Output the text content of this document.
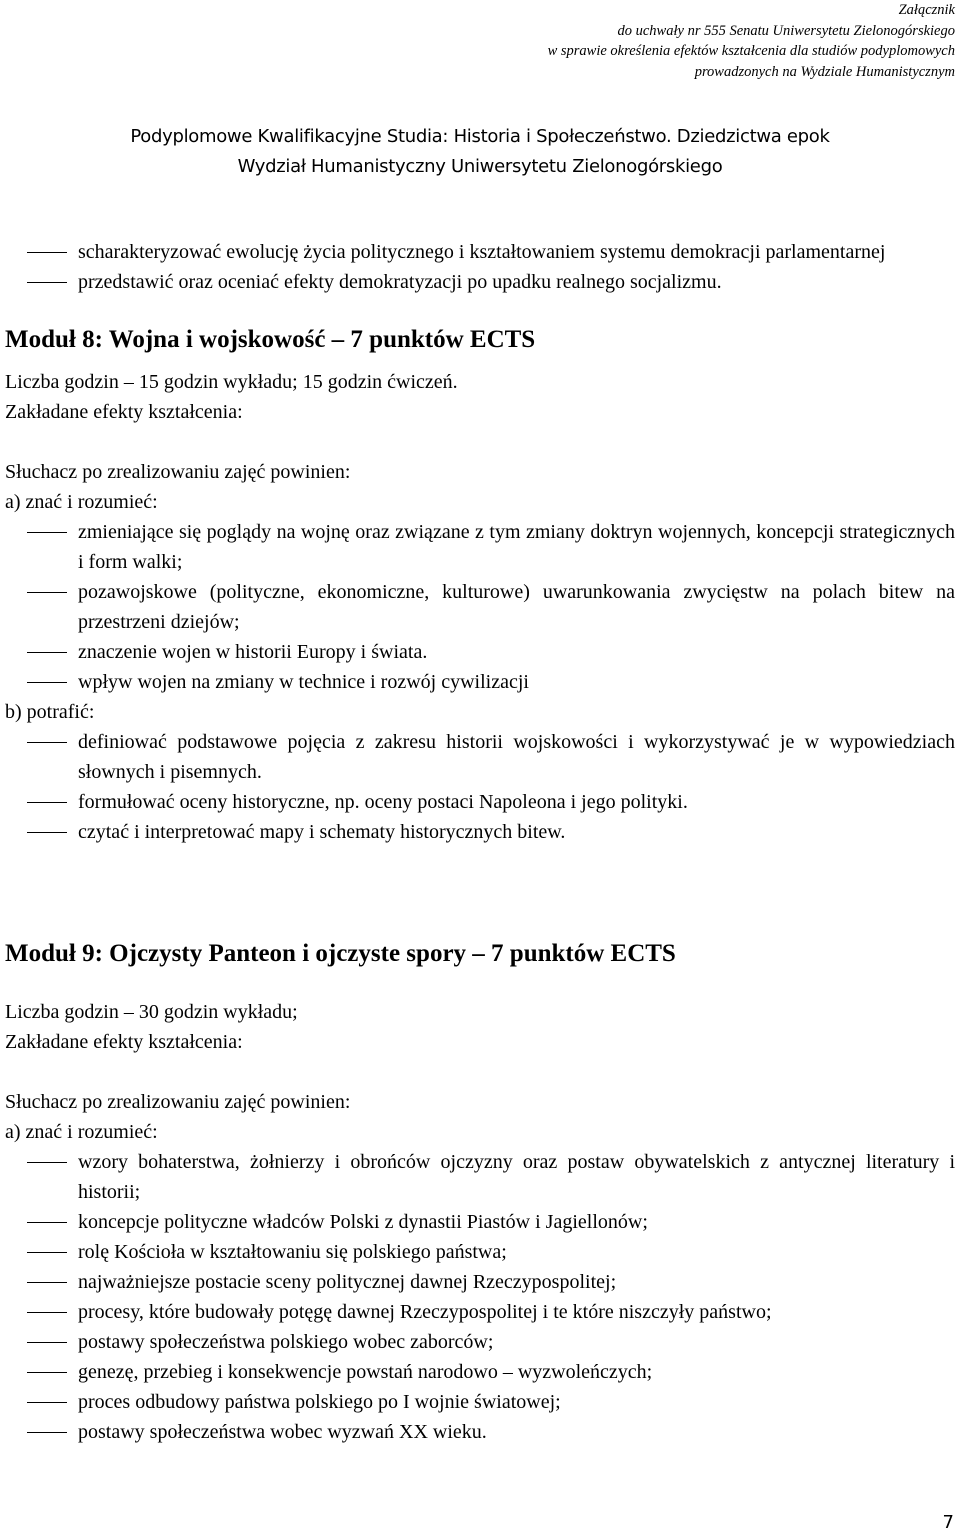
Załącznik
do uchwały nr 555 Senatu Uniwersytetu Zielonogórskiego
w sprawie określenia efektów kształcenia dla studiów podyplomowych
prowadzonych na Wydziale Humanistycznym
Podyplomowe Kwalifikacyjne Studia: Historia i Społeczeństwo. Dziedzictwa epok
Wydział Humanistyczny Uniwersytetu Zielonogórskiego
scharakteryzować ewolucję życia politycznego i kształtowaniem systemu demokracji parlamentarnej
przedstawić oraz oceniać efekty demokratyzacji po upadku realnego socjalizmu.
Moduł 8: Wojna i wojskowość – 7 punktów ECTS
Liczba godzin – 15 godzin wykładu; 15 godzin ćwiczeń.
Zakładane efekty kształcenia:
Słuchacz po zrealizowaniu zajęć powinien:
a) znać i rozumieć:
zmieniające się poglądy na wojnę oraz związane z tym zmiany doktryn wojennych, koncepcji strategicznych i form walki;
pozawojskowe (polityczne, ekonomiczne, kulturowe) uwarunkowania zwycięstw na polach bitew na przestrzeni dziejów;
znaczenie wojen w historii Europy i świata.
wpływ wojen na zmiany w technice i rozwój cywilizacji
b) potrafić:
definiować podstawowe pojęcia z zakresu historii wojskowości i wykorzystywać je w wypowiedziach słownych i pisemnych.
formułować oceny historyczne, np. oceny postaci Napoleona i jego polityki.
czytać i interpretować mapy i schematy historycznych bitew.
Moduł 9: Ojczysty Panteon i ojczyste spory – 7 punktów ECTS
Liczba godzin – 30 godzin wykładu;
Zakładane efekty kształcenia:
Słuchacz po zrealizowaniu zajęć powinien:
a) znać i rozumieć:
wzory bohaterstwa, żołnierzy i obrońców ojczyzny oraz postaw obywatelskich z antycznej literatury i historii;
koncepcje polityczne władców Polski z dynastii Piastów i Jagiellonów;
rolę Kościoła w kształtowaniu się polskiego państwa;
najważniejsze postacie sceny politycznej dawnej Rzeczypospolitej;
procesy, które budowały potęgę dawnej Rzeczypospolitej i te które niszczyły państwo;
postawy społeczeństwa polskiego wobec zaborców;
genezę, przebieg i konsekwencje powstań narodowo – wyzwoleńczych;
proces odbudowy państwa polskiego po I wojnie światowej;
postawy społeczeństwa wobec wyzwań XX wieku.
7
